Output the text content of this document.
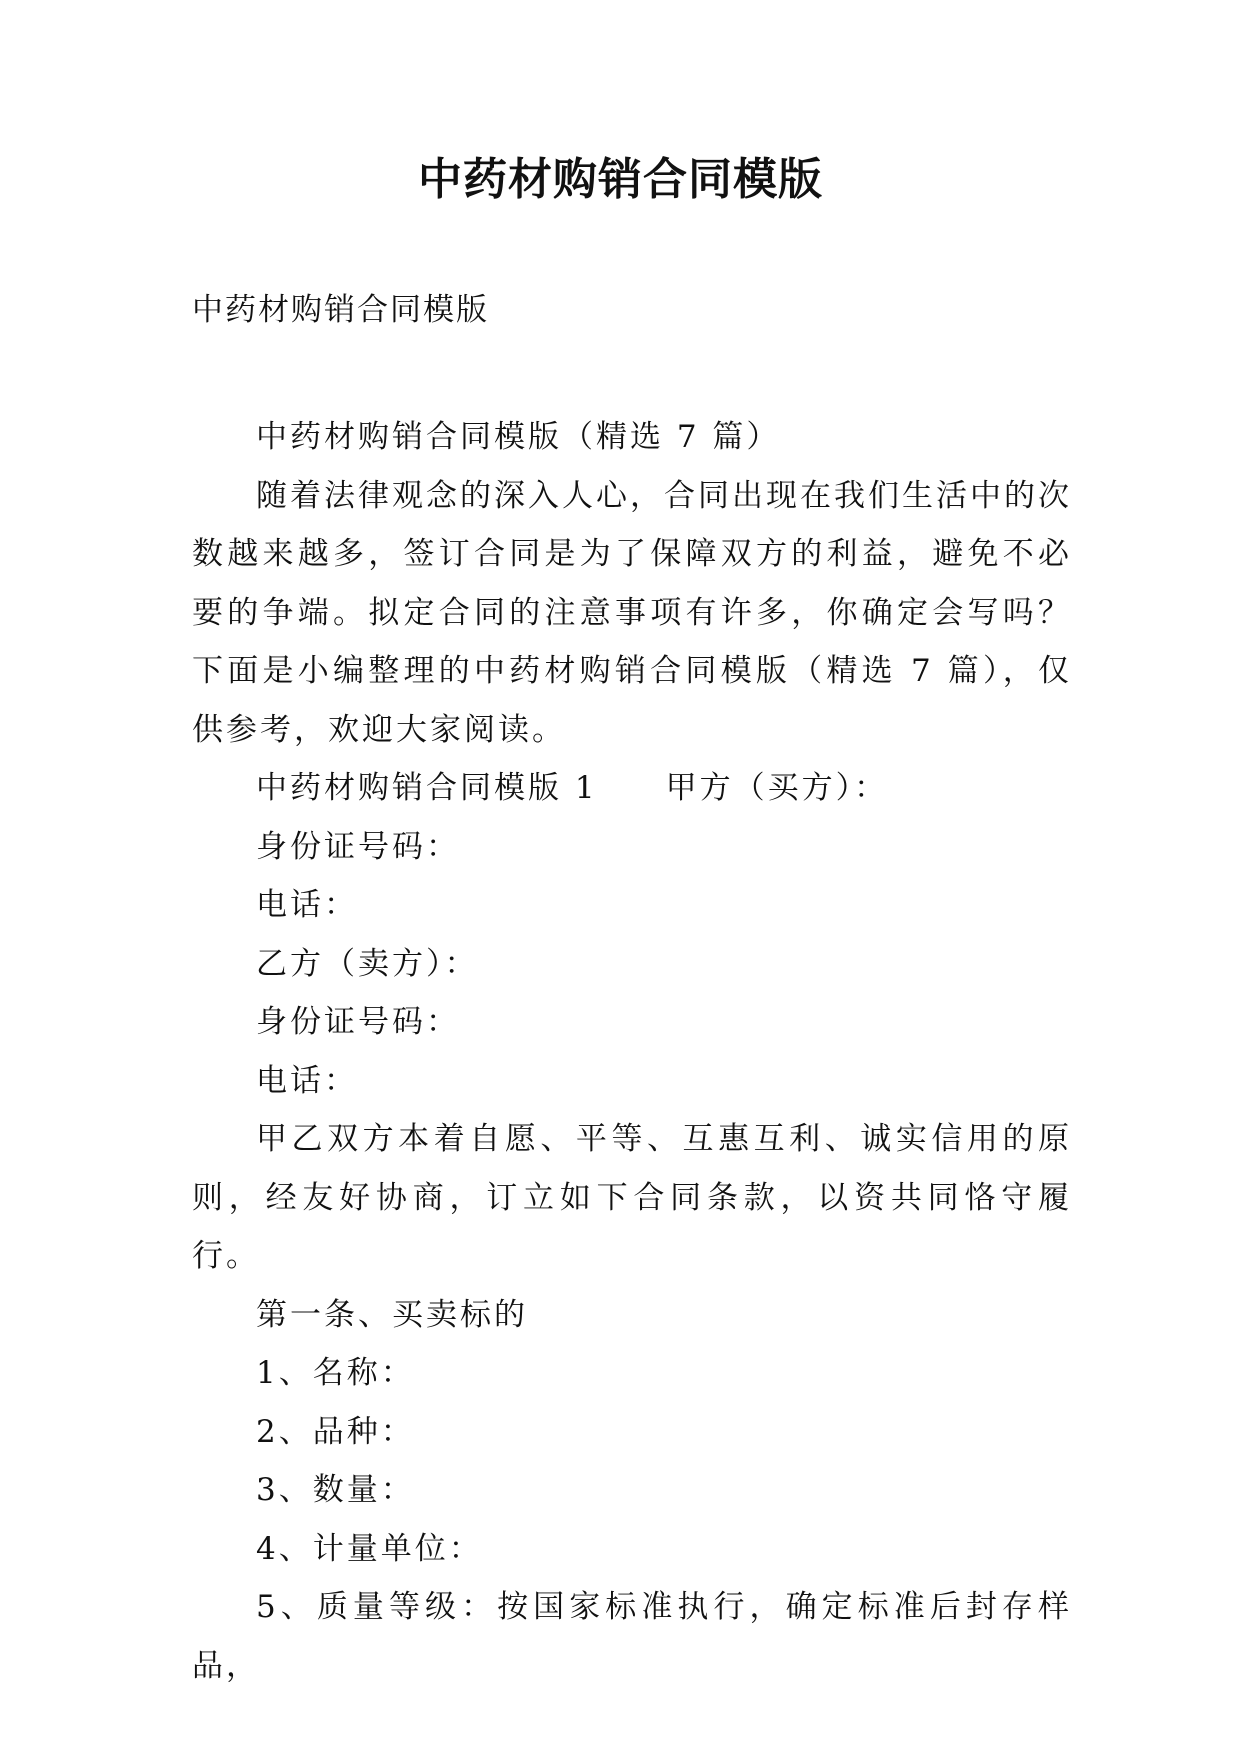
中药材购销合同模版
中药材购销合同模版

中药材购销合同模版（精选 7 篇）

随着法律观念的深入人心，合同出现在我们生活中的次数越来越多，签订合同是为了保障双方的利益，避免不必要的争端。拟定合同的注意事项有许多，你确定会写吗？下面是小编整理的中药材购销合同模版（精选 7 篇），仅供参考，欢迎大家阅读。

中药材购销合同模版 1 甲方（买方）：

身份证号码：

电话：

乙方（卖方）：

身份证号码：

电话：

甲乙双方本着自愿、平等、互惠互利、诚实信用的原则，经友好协商，订立如下合同条款，以资共同恪守履行。

第一条、买卖标的

1、名称：

2、品种：

3、数量：

4、计量单位：

5、质量等级：按国家标准执行，确定标准后封存样品，
